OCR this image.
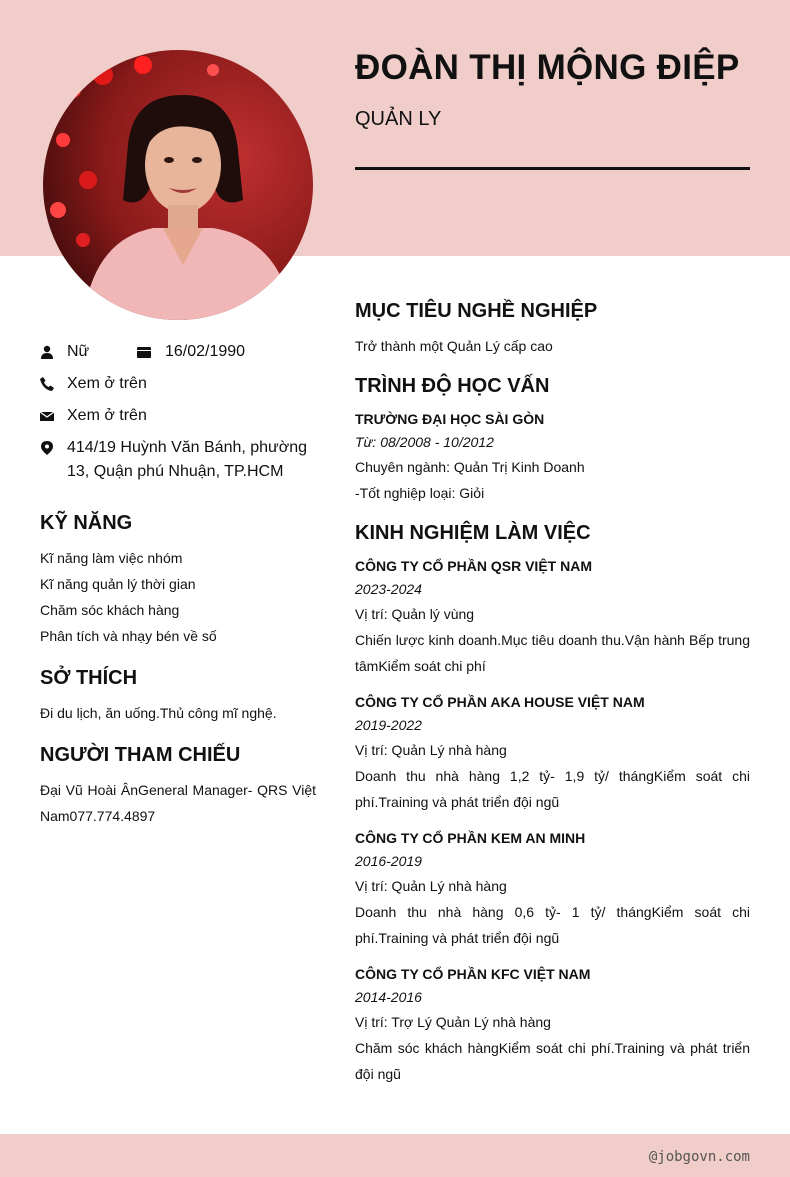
ĐOÀN THỊ MỘNG ĐIỆP
QUẢN LY
Nữ	16/02/1990
Xem ở trên
Xem ở trên
414/19 Huỳnh Văn Bánh, phường 13, Quận phú Nhuận, TP.HCM
KỸ NĂNG
Kĩ năng làm việc nhóm
Kĩ năng quản lý thời gian
Chăm sóc khách hàng
Phân tích và nhạy bén về số
SỞ THÍCH
Đi du lịch, ăn uống.Thủ công mĩ nghệ.
NGƯỜI THAM CHIẾU
Đại Vũ Hoài ÂnGeneral Manager- QRS Việt Nam077.774.4897
MỤC TIÊU NGHỀ NGHIỆP
Trở thành một Quản Lý cấp cao
TRÌNH ĐỘ HỌC VẤN
TRƯỜNG ĐẠI HỌC SÀI GÒN
Từ: 08/2008 - 10/2012
Chuyên ngành: Quản Trị Kinh Doanh
-Tốt nghiệp loại: Giỏi
KINH NGHIỆM LÀM VIỆC
CÔNG TY CỔ PHẦN QSR VIỆT NAM
2023-2024
Vị trí: Quản lý vùng
Chiến lược kinh doanh.Mục tiêu doanh thu.Vận hành Bếp trung tâmKiểm soát chi phí
CÔNG TY CỔ PHẦN AKA HOUSE VIỆT NAM
2019-2022
Vị trí: Quản Lý nhà hàng
Doanh thu nhà hàng 1,2 tỷ- 1,9 tỷ/ thángKiểm soát chi phí.Training và phát triển đội ngũ
CÔNG TY CỔ PHẦN KEM AN MINH
2016-2019
Vị trí: Quản Lý nhà hàng
Doanh thu nhà hàng 0,6 tỷ- 1 tỷ/ thángKiểm soát chi phí.Training và phát triển đội ngũ
CÔNG TY CỔ PHẦN KFC VIỆT NAM
2014-2016
Vị trí: Trợ Lý Quản Lý nhà hàng
Chăm sóc khách hàngKiểm soát chi phí.Training và phát triển đội ngũ
@jobgovn.com
